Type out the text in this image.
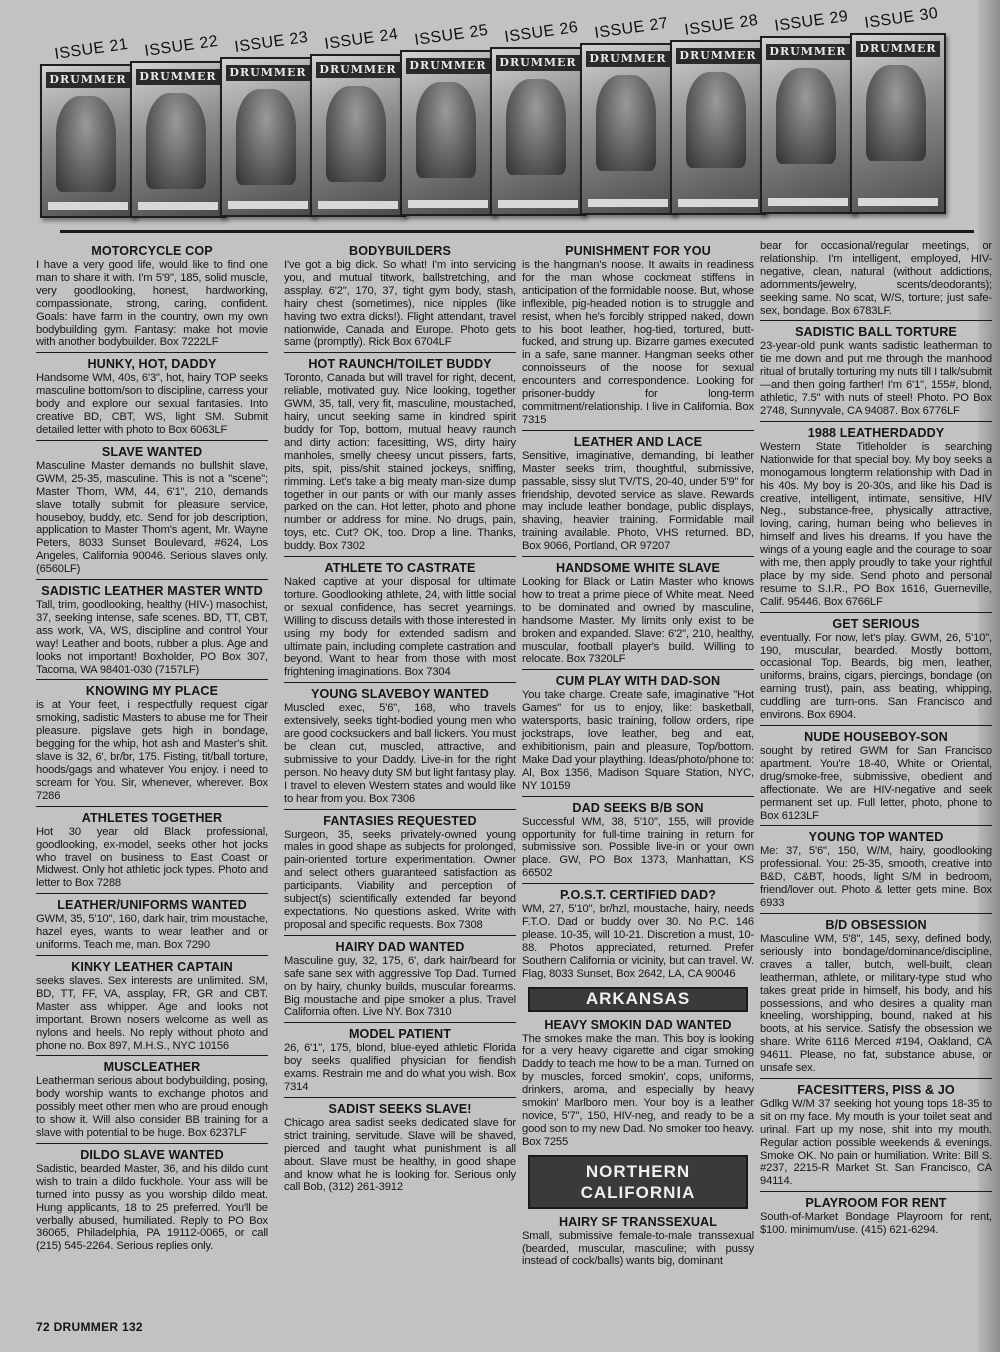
DRUMMER
ISSUE 21
DRUMMER
ISSUE 22
DRUMMER
ISSUE 23
DRUMMER
ISSUE 24
DRUMMER
ISSUE 25
DRUMMER
ISSUE 26
DRUMMER
ISSUE 27
DRUMMER
ISSUE 28
DRUMMER
ISSUE 29
DRUMMER
ISSUE 30
MOTORCYCLE COP

I have a very good life, would like to find one man to share it with. I'm 5'9", 185, solid muscle, very goodlooking, honest, hardworking, compassionate, strong, caring, confident. Goals: have farm in the country, own my own bodybuilding gym. Fantasy: make hot movie with another bodybuilder. Box 7222LF

HUNKY, HOT, DADDY

Handsome WM, 40s, 6'3", hot, hairy TOP seeks masculine bottom/son to discipline, carress your body and explore our sexual fantasies. Into creative BD, CBT, WS, light SM. Submit detailed letter with photo to Box 6063LF

SLAVE WANTED

Masculine Master demands no bullshit slave, GWM, 25-35, masculine. This is not a "scene"; Master Thom, WM, 44, 6'1", 210, demands slave totally submit for pleasure service, houseboy, buddy, etc. Send for job description, application to Master Thom's agent, Mr. Wayne Peters, 8033 Sunset Boulevard, #624, Los Angeles, California 90046. Serious slaves only. (6560LF)

SADISTIC LEATHER MASTER WNTD

Tall, trim, goodlooking, healthy (HIV-) masochist, 37, seeking intense, safe scenes. BD, TT, CBT, ass work, VA, WS, discipline and control Your way! Leather and boots, rubber a plus. Age and looks not important! Boxholder, PO Box 307, Tacoma, WA 98401-030 (7157LF)

KNOWING MY PLACE

is at Your feet, i respectfully request cigar smoking, sadistic Masters to abuse me for Their pleasure. pigslave gets high in bondage, begging for the whip, hot ash and Master's shit. slave is 32, 6', br/br, 175. Fisting, tit/ball torture, hoods/gags and whatever You enjoy. i need to scream for You. Sir, whenever, wherever. Box 7286

ATHLETES TOGETHER

Hot 30 year old Black professional, goodlooking, ex-model, seeks other hot jocks who travel on business to East Coast or Midwest. Only hot athletic jock types. Photo and letter to Box 7288

LEATHER/UNIFORMS WANTED

GWM, 35, 5'10", 160, dark hair, trim moustache, hazel eyes, wants to wear leather and or uniforms. Teach me, man. Box 7290

KINKY LEATHER CAPTAIN

seeks slaves. Sex interests are unlimited. SM, BD, TT, FF, VA, assplay, FR, GR and CBT. Master ass whipper. Age and looks not important. Brown nosers welcome as well as nylons and heels. No reply without photo and phone no. Box 897, M.H.S., NYC 10156

MUSCLEATHER

Leatherman serious about bodybuilding, posing, body worship wants to exchange photos and possibly meet other men who are proud enough to show it. Will also consider BB training for a slave with potential to be huge. Box 6237LF

DILDO SLAVE WANTED

Sadistic, bearded Master, 36, and his dildo cunt wish to train a dildo fuckhole. Your ass will be turned into pussy as you worship dildo meat. Hung applicants, 18 to 25 preferred. You'll be verbally abused, humiliated. Reply to PO Box 36065, Philadelphia, PA 19112-0065, or call (215) 545-2264. Serious replies only.

BODYBUILDERS

I've got a big dick. So what! I'm into servicing you, and mutual titwork, ballstretching, and assplay. 6'2", 170, 37, tight gym body, stash, hairy chest (sometimes), nice nipples (like having two extra dicks!). Flight attendant, travel nationwide, Canada and Europe. Photo gets same (promptly). Rick Box 6704LF

HOT RAUNCH/TOILET BUDDY

Toronto, Canada but will travel for right, decent, reliable, motivated guy. Nice looking, together GWM, 35, tall, very fit, masculine, moustached, hairy, uncut seeking same in kindred spirit buddy for Top, bottom, mutual heavy raunch and dirty action: facesitting, WS, dirty hairy manholes, smelly cheesy uncut pissers, farts, pits, spit, piss/shit stained jockeys, sniffing, rimming. Let's take a big meaty man-size dump together in our pants or with our manly asses parked on the can. Hot letter, photo and phone number or address for mine. No drugs, pain, toys, etc. Cut? OK, too. Drop a line. Thanks, buddy. Box 7302

ATHLETE TO CASTRATE

Naked captive at your disposal for ultimate torture. Goodlooking athlete, 24, with little social or sexual confidence, has secret yearnings. Willing to discuss details with those interested in using my body for extended sadism and ultimate pain, including complete castration and beyond. Want to hear from those with most frightening imaginations. Box 7304

YOUNG SLAVEBOY WANTED

Muscled exec, 5'6", 168, who travels extensively, seeks tight-bodied young men who are good cocksuckers and ball lickers. You must be clean cut, muscled, attractive, and submissive to your Daddy. Live-in for the right person. No heavy duty SM but light fantasy play. I travel to eleven Western states and would like to hear from you. Box 7306

FANTASIES REQUESTED

Surgeon, 35, seeks privately-owned young males in good shape as subjects for prolonged, pain-oriented torture experimentation. Owner and select others guaranteed satisfaction as participants. Viability and perception of subject(s) scientifically extended far beyond expectations. No questions asked. Write with proposal and specific requests. Box 7308

HAIRY DAD WANTED

Masculine guy, 32, 175, 6', dark hair/beard for safe sane sex with aggressive Top Dad. Turned on by hairy, chunky builds, muscular forearms. Big moustache and pipe smoker a plus. Travel California often. Live NY. Box 7310

MODEL PATIENT

26, 6'1", 175, blond, blue-eyed athletic Florida boy seeks qualified physician for fiendish exams. Restrain me and do what you wish. Box 7314

SADIST SEEKS SLAVE!

Chicago area sadist seeks dedicated slave for strict training, servitude. Slave will be shaved, pierced and taught what punishment is all about. Slave must be healthy, in good shape and know what he is looking for. Serious only call Bob, (312) 261-3912

PUNISHMENT FOR YOU

is the hangman's noose. It awaits in readiness for the man whose cockmeat stiffens in anticipation of the formidable noose. But, whose inflexible, pig-headed notion is to struggle and resist, when he's forcibly stripped naked, down to his boot leather, hog-tied, tortured, butt-fucked, and strung up. Bizarre games executed in a safe, sane manner. Hangman seeks other connoisseurs of the noose for sexual encounters and correspondence. Looking for prisoner-buddy for long-term commitment/relationship. I live in California. Box 7315

LEATHER AND LACE

Sensitive, imaginative, demanding, bi leather Master seeks trim, thoughtful, submissive, passable, sissy slut TV/TS, 20-40, under 5'9" for friendship, devoted service as slave. Rewards may include leather bondage, public displays, shaving, heavier training. Formidable mail training available. Photo, VHS returned. BD, Box 9066, Portland, OR 97207

HANDSOME WHITE SLAVE

Looking for Black or Latin Master who knows how to treat a prime piece of White meat. Need to be dominated and owned by masculine, handsome Master. My limits only exist to be broken and expanded. Slave: 6'2", 210, healthy, muscular, football player's build. Willing to relocate. Box 7320LF

CUM PLAY WITH DAD-SON

You take charge. Create safe, imaginative "Hot Games" for us to enjoy, like: basketball, watersports, basic training, follow orders, ripe jockstraps, love leather, beg and eat, exhibitionism, pain and pleasure, Top/bottom. Make Dad your plaything. Ideas/photo/phone to: Al, Box 1356, Madison Square Station, NYC, NY 10159

DAD SEEKS B/B SON

Successful WM, 38, 5'10", 155, will provide opportunity for full-time training in return for submissive son. Possible live-in or your own place. GW, PO Box 1373, Manhattan, KS 66502

P.O.S.T. CERTIFIED DAD?

WM, 27, 5'10", br/hzl, moustache, hairy, needs F.T.O. Dad or buddy over 30. No P.C. 146 please. 10-35, will 10-21. Discretion a must, 10-88. Photos appreciated, returned. Prefer Southern California or vicinity, but can travel. W. Flag, 8033 Sunset, Box 2642, LA, CA 90046

ARKANSAS
HEAVY SMOKIN DAD WANTED

The smokes make the man. This boy is looking for a very heavy cigarette and cigar smoking Daddy to teach me how to be a man. Turned on by muscles, forced smokin', cops, uniforms, drinkers, aroma, and especially by heavy smokin' Marlboro men. Your boy is a leather novice, 5'7", 150, HIV-neg, and ready to be a good son to my new Dad. No smoker too heavy. Box 7255

NORTHERN
CALIFORNIA
HAIRY SF TRANSSEXUAL

Small, submissive female-to-male transsexual (bearded, muscular, masculine; with pussy instead of cock/balls) wants big, dominant

bear for occasional/regular meetings, or relationship. I'm intelligent, employed, HIV-negative, clean, natural (without addictions, adornments/jewelry, scents/deodorants); seeking same. No scat, W/S, torture; just safe-sex, bondage. Box 6783LF.

SADISTIC BALL TORTURE

23-year-old punk wants sadistic leatherman to tie me down and put me through the manhood ritual of brutally torturing my nuts till I talk/submit—and then going farther! I'm 6'1", 155#, blond, athletic, 7.5" with nuts of steel! Photo. PO Box 2748, Sunnyvale, CA 94087. Box 6776LF

1988 LEATHERDADDY

Western State Titleholder is searching Nationwide for that special boy. My boy seeks a monogamous longterm relationship with Dad in his 40s. My boy is 20-30s, and like his Dad is creative, intelligent, intimate, sensitive, HIV Neg., substance-free, physically attractive, loving, caring, human being who believes in himself and lives his dreams. If you have the wings of a young eagle and the courage to soar with me, then apply proudly to take your rightful place by my side. Send photo and personal resume to S.I.R., PO Box 1616, Guerneville, Calif. 95446. Box 6766LF

GET SERIOUS

eventually. For now, let's play. GWM, 26, 5'10", 190, muscular, bearded. Mostly bottom, occasional Top. Beards, big men, leather, uniforms, brains, cigars, piercings, bondage (on earning trust), pain, ass beating, whipping, cuddling are turn-ons. San Francisco and environs. Box 6904.

NUDE HOUSEBOY-SON

sought by retired GWM for San Francisco apartment. You're 18-40, White or Oriental, drug/smoke-free, submissive, obedient and affectionate. We are HIV-negative and seek permanent set up. Full letter, photo, phone to Box 6123LF

YOUNG TOP WANTED

Me: 37, 5'6", 150, W/M, hairy, goodlooking professional. You: 25-35, smooth, creative into B&D, C&BT, hoods, light S/M in bedroom, friend/lover out. Photo & letter gets mine. Box 6933

B/D OBSESSION

Masculine WM, 5'8", 145, sexy, defined body, seriously into bondage/dominance/discipline, craves a taller, butch, well-built, clean leatherman, athlete, or military-type stud who takes great pride in himself, his body, and his possessions, and who desires a quality man kneeling, worshipping, bound, naked at his boots, at his service. Satisfy the obsession we share. Write 6116 Merced #194, Oakland, CA 94611. Please, no fat, substance abuse, or unsafe sex.

FACESITTERS, PISS & JO

Gdlkg W/M 37 seeking hot young tops 18-35 to sit on my face. My mouth is your toilet seat and urinal. Fart up my nose, shit into my mouth. Regular action possible weekends & evenings. Smoke OK. No pain or humiliation. Write: Bill S. #237, 2215-R Market St. San Francisco, CA 94114.

PLAYROOM FOR RENT

South-of-Market Bondage Playroom for rent, $100. minimum/use. (415) 621-6294.

72 DRUMMER 132
